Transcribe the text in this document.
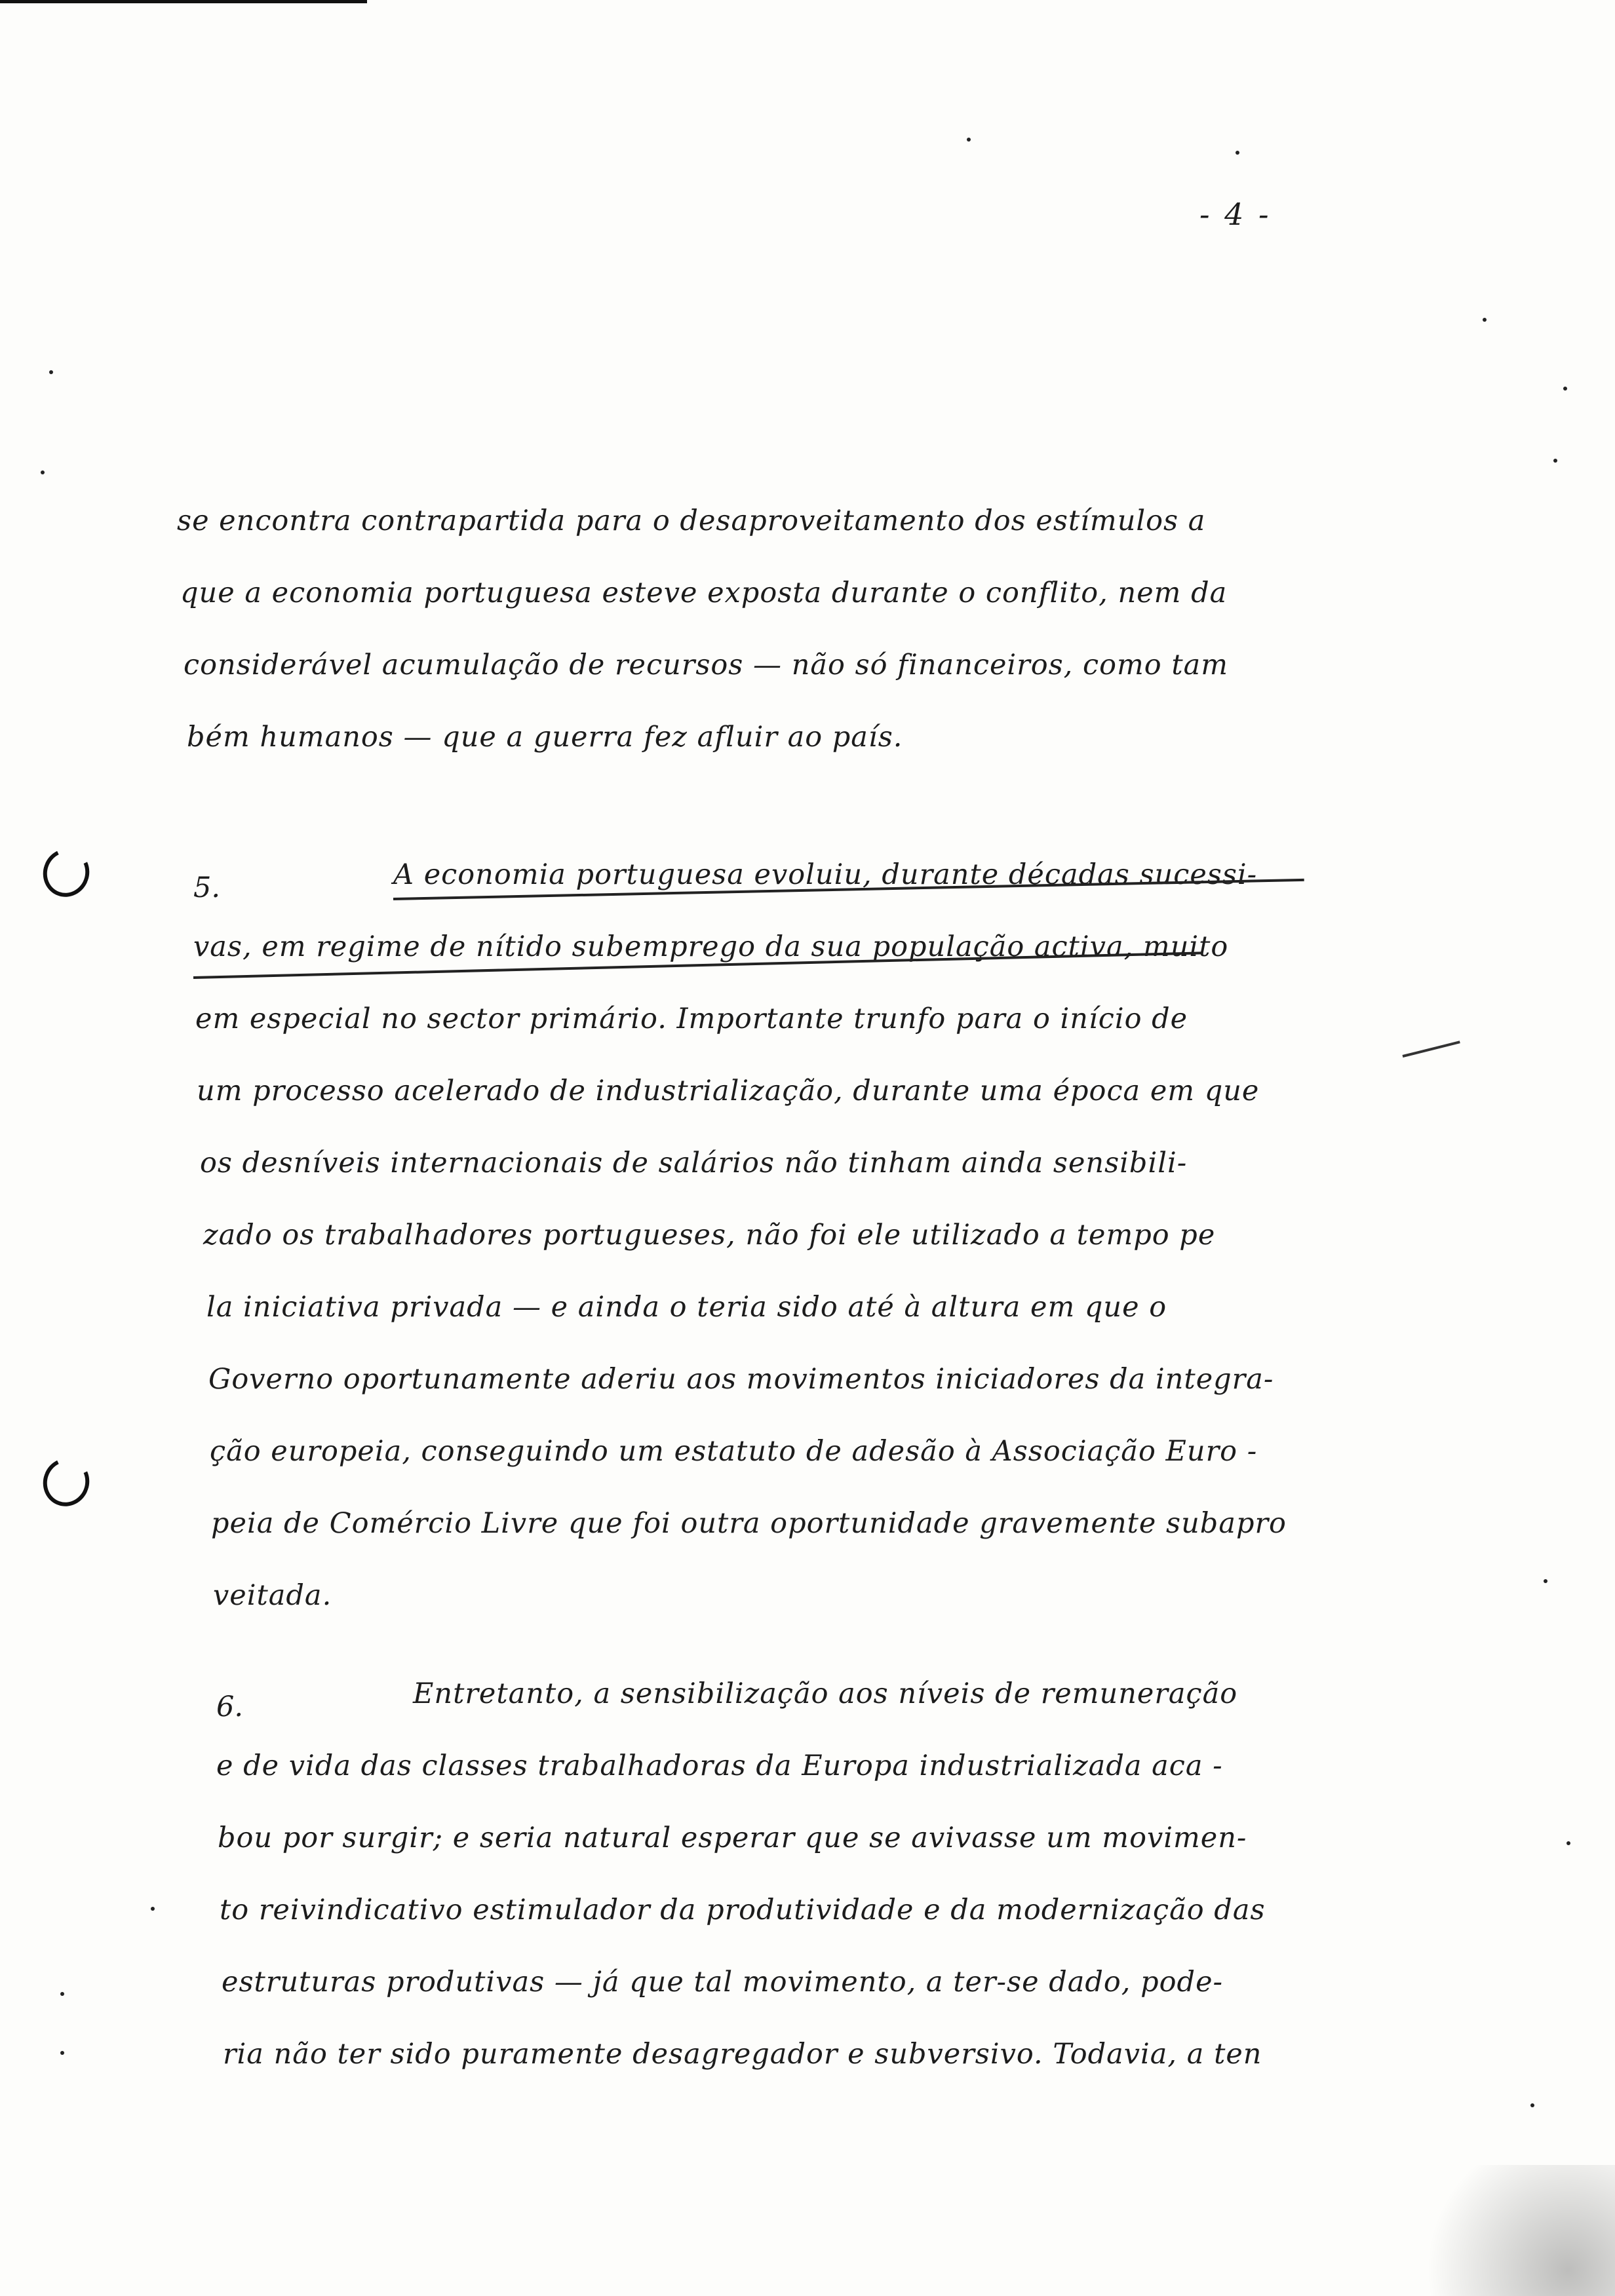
- 4 -
se encontra contrapartida para o desaproveitamento dos estímulos a
que a economia portuguesa esteve exposta durante o conflito, nem da
considerável acumulação de recursos — não só financeiros, como tam
bém humanos — que a guerra fez afluir ao país.
5.	A economia portuguesa evoluiu, durante décadas sucessi-
vas, em regime de nítido subemprego da sua população activa, muito
em especial no sector primário. Importante trunfo para o início de
um processo acelerado de industrialização, durante uma época em que
os desníveis internacionais de salários não tinham ainda sensibili-
zado os trabalhadores portugueses, não foi ele utilizado a tempo pe
la iniciativa privada — e ainda o teria sido até à altura em que o
Governo oportunamente aderiu aos movimentos iniciadores da integra-
ção europeia, conseguindo um estatuto de adesão à Associação Euro -
peia de Comércio Livre que foi outra oportunidade gravemente subapro
veitada.
6.	Entretanto, a sensibilização aos níveis de remuneração
e de vida das classes trabalhadoras da Europa industrializada aca -
bou por surgir; e seria natural esperar que se avivasse um movimen-
to reivindicativo estimulador da produtividade e da modernização das
estruturas produtivas — já que tal movimento, a ter-se dado, pode-
ria não ter sido puramente desagregador e subversivo. Todavia, a ten
